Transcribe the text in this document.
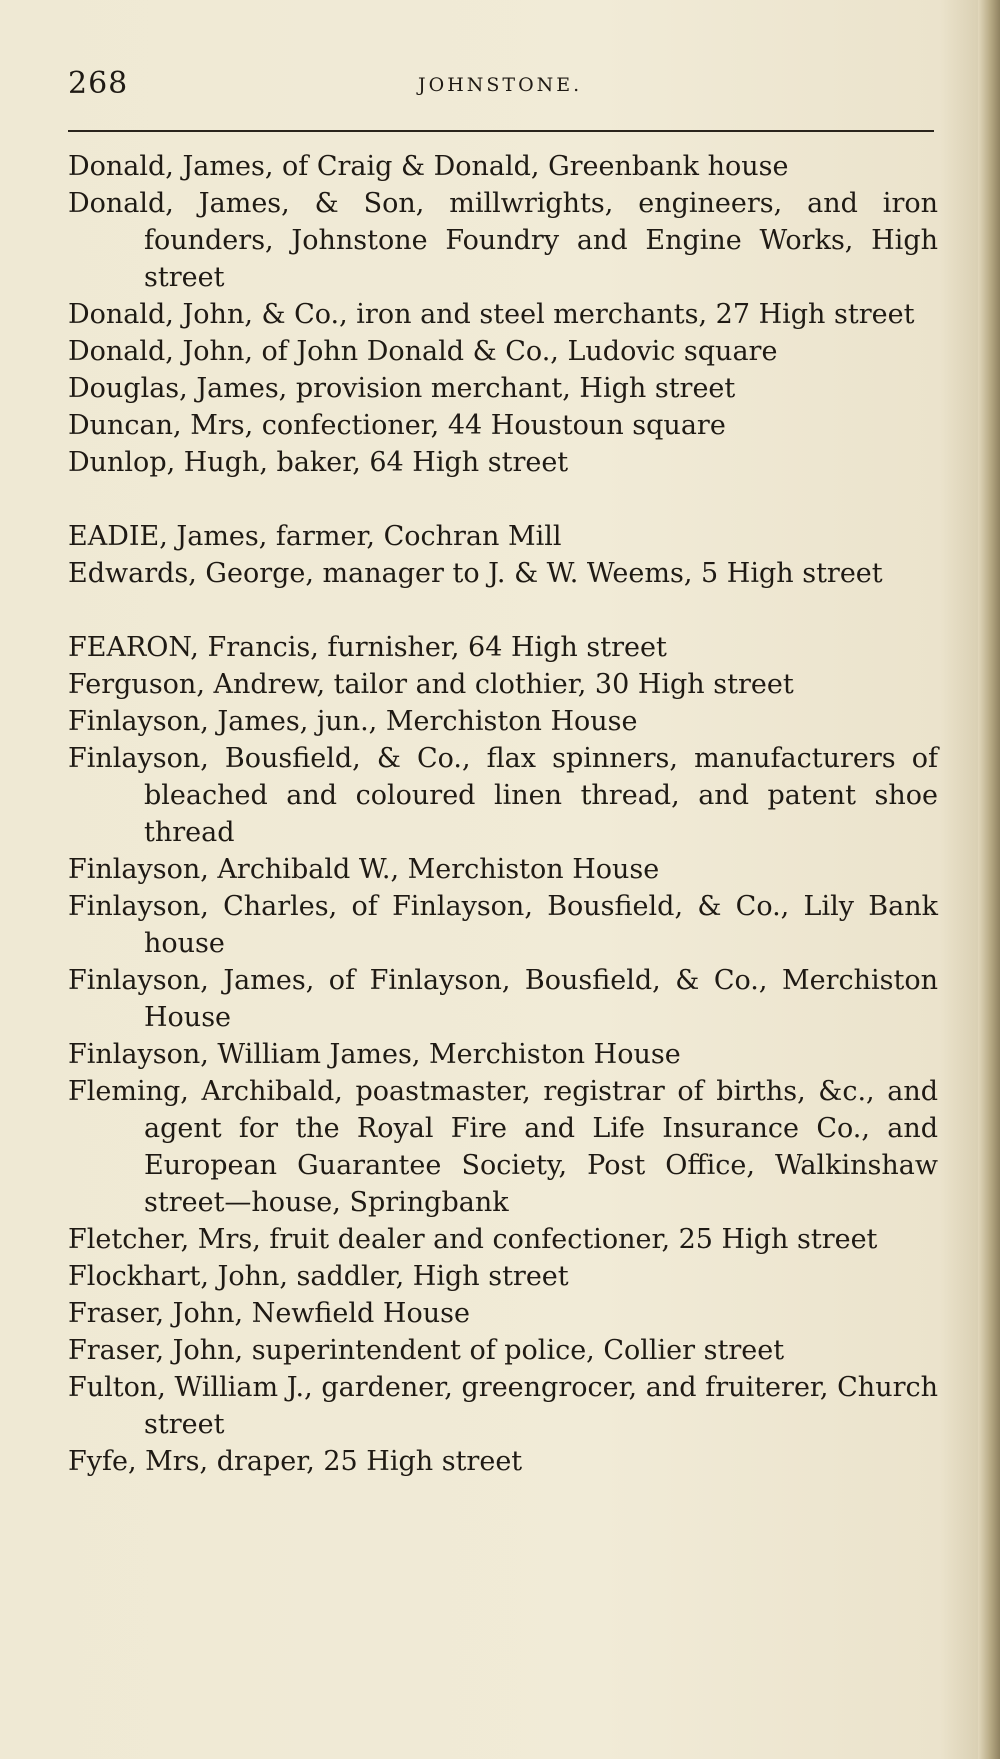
268	JOHNSTONE.
Donald, James, of Craig & Donald, Greenbank house
Donald, James, & Son, millwrights, engineers, and iron founders, Johnstone Foundry and Engine Works, High street
Donald, John, & Co., iron and steel merchants, 27 High street
Donald, John, of John Donald & Co., Ludovic square
Douglas, James, provision merchant, High street
Duncan, Mrs, confectioner, 44 Houstoun square
Dunlop, Hugh, baker, 64 High street
EADIE, James, farmer, Cochran Mill
Edwards, George, manager to J. & W. Weems, 5 High street
FEARON, Francis, furnisher, 64 High street
Ferguson, Andrew, tailor and clothier, 30 High street
Finlayson, James, jun., Merchiston House
Finlayson, Bousfield, & Co., flax spinners, manufacturers of bleached and coloured linen thread, and patent shoe thread
Finlayson, Archibald W., Merchiston House
Finlayson, Charles, of Finlayson, Bousfield, & Co., Lily Bank house
Finlayson, James, of Finlayson, Bousfield, & Co., Merchiston House
Finlayson, William James, Merchiston House
Fleming, Archibald, poastmaster, registrar of births, &c., and agent for the Royal Fire and Life Insurance Co., and European Guarantee Society, Post Office, Walkinshaw street—house, Springbank
Fletcher, Mrs, fruit dealer and confectioner, 25 High street
Flockhart, John, saddler, High street
Fraser, John, Newfield House
Fraser, John, superintendent of police, Collier street
Fulton, William J., gardener, greengrocer, and fruiterer, Church street
Fyfe, Mrs, draper, 25 High street
